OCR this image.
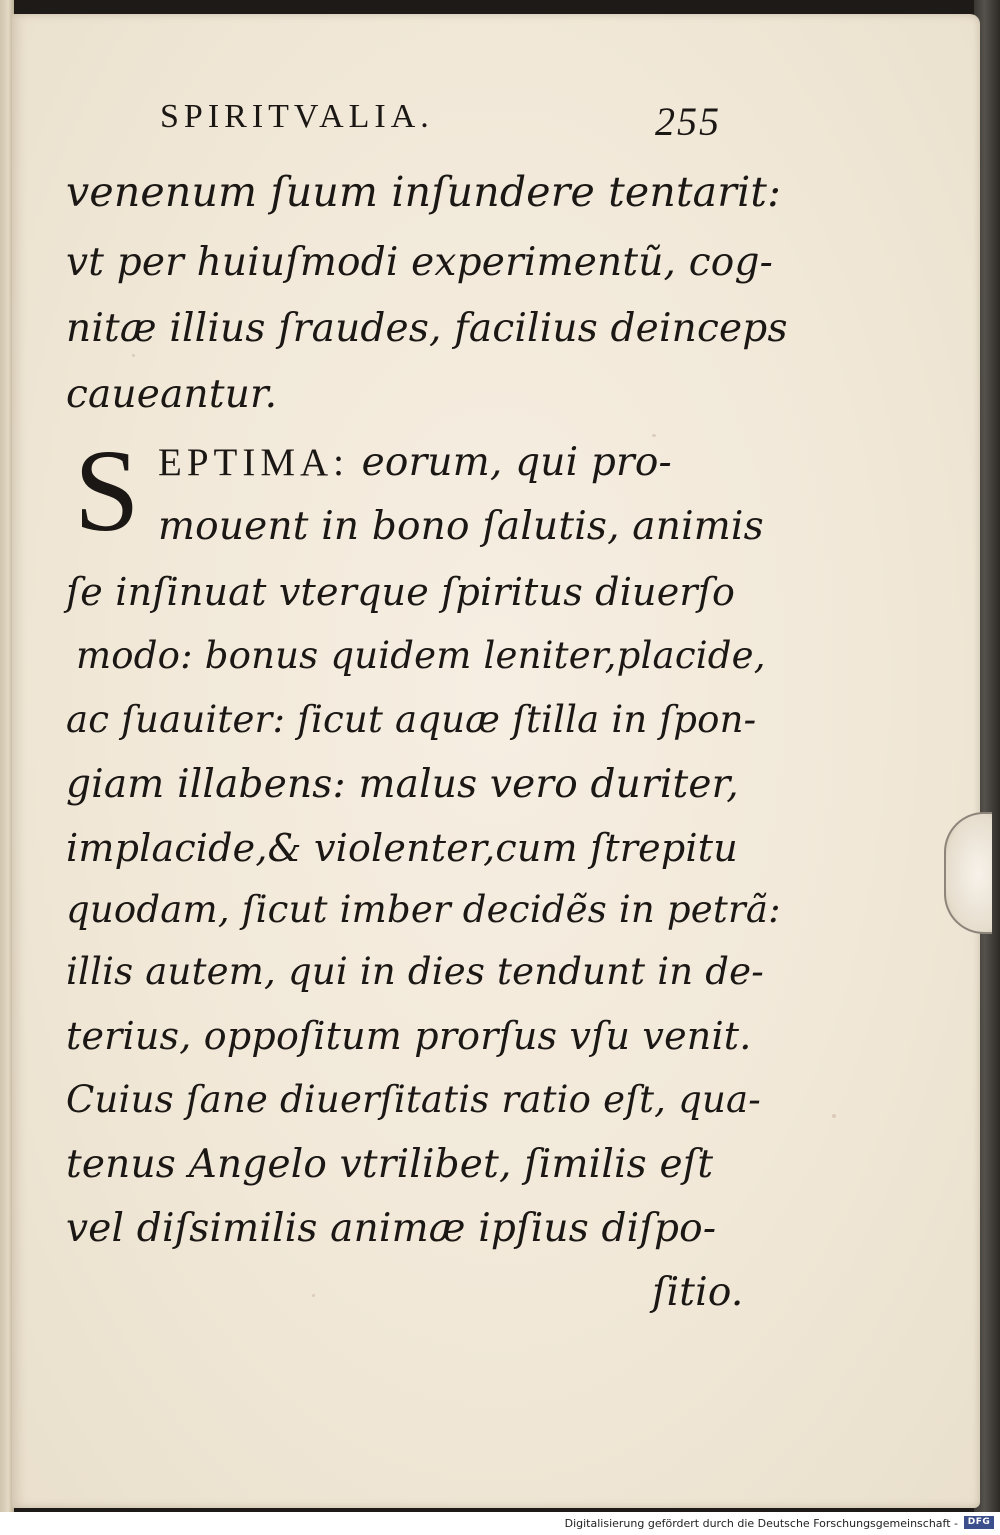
SPIRITVALIA.	255
venenum ſuum inſundere tentarit:
vt per huiuſmodi experimentũ, cog-
nitæ illius ſraudes, facilius deinceps
caueantur.
S EPTIMA: eorum, qui pro-
mouent in bono ſalutis, animis
ſe inſinuat vterque ſpiritus diuerſo
modo: bonus quidem leniter,placide,
ac ſuauiter: ſicut aquæ ſtilla in ſpon-
giam illabens: malus vero duriter,
implacide,& violenter,cum ſtrepitu
quodam, ſicut imber decidẽs in petrã:
illis autem, qui in dies tendunt in de-
terius, oppoſitum prorſus vſu venit.
Cuius ſane diuerſitatis ratio eſt, qua-
tenus Angelo vtrilibet, ſimilis eſt
vel diſsimilis animæ ipſius diſpo-
ſitio.
Digitalisierung gefördert durch die Deutsche Forschungsgemeinschaft -	DFG
